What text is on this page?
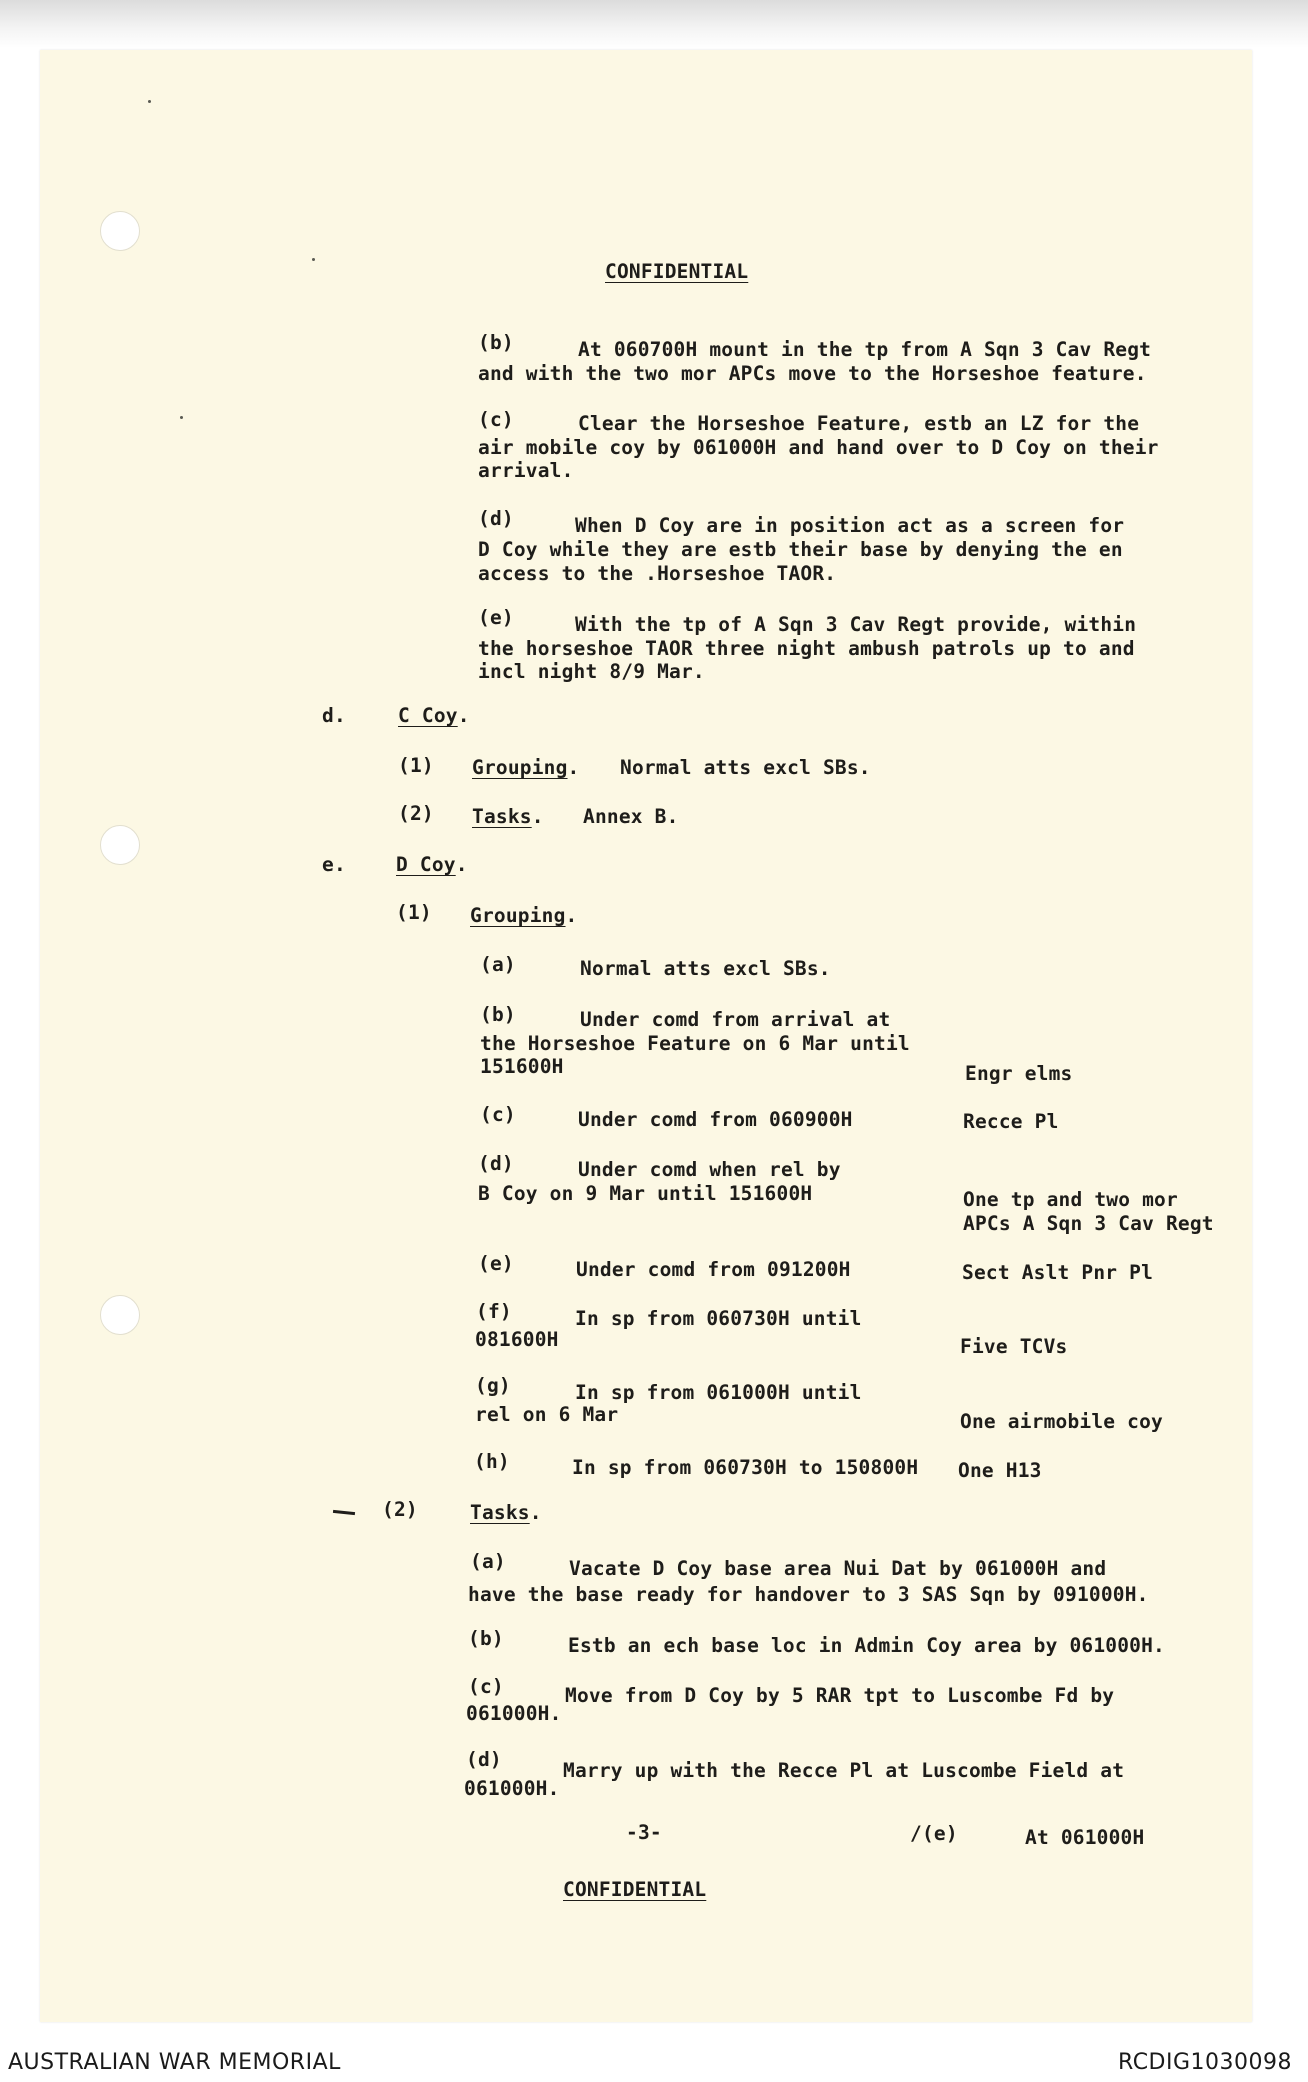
CONFIDENTIAL
(b)	At 060700H mount in the tp from A Sqn 3 Cav Regt
and with the two mor APCs move to the Horseshoe feature.
(c)	Clear the Horseshoe Feature, estb an LZ for the
air mobile coy by 061000H and hand over to D Coy on their
arrival.
(d)	When D Coy are in position act as a screen for
D Coy while they are estb their base by denying the en
access to the .Horseshoe TAOR.
(e)	With the tp of A Sqn 3 Cav Regt provide, within
the horseshoe TAOR three night ambush patrols up to and
incl night 8/9 Mar.
d.	C Coy.
(1) Grouping. Normal atts excl SBs.
(2) Tasks. Annex B.
e.	D Coy.
(1) Grouping.
(a)	Normal atts excl SBs.
(b)	Under comd from arrival at
the Horseshoe Feature on 6 Mar until
151600H	Engr elms
(c)	Under comd from 060900H	Recce Pl
(d)	Under comd when rel by
B Coy on 9 Mar until 151600H	One tp and two mor
APCs A Sqn 3 Cav Regt
(e)	Under comd from 091200H	Sect Aslt Pnr Pl
(f)	In sp from 060730H until
081600H	Five TCVs
(g)	In sp from 061000H until
rel on 6 Mar	One airmobile coy
(h)	In sp from 060730H to 150800H One H13
(2)	Tasks.
(a)	Vacate D Coy base area Nui Dat by 061000H and
have the base ready for handover to 3 SAS Sqn by 091000H.
(b)	Estb an ech base loc in Admin Coy area by 061000H.
(c)	Move from D Coy by 5 RAR tpt to Luscombe Fd by
061000H.
(d)	Marry up with the Recce Pl at Luscombe Field at
061000H.
-3-	/(e)	At 061000H
CONFIDENTIAL
AUSTRALIAN WAR MEMORIAL	RCDIG1030098
